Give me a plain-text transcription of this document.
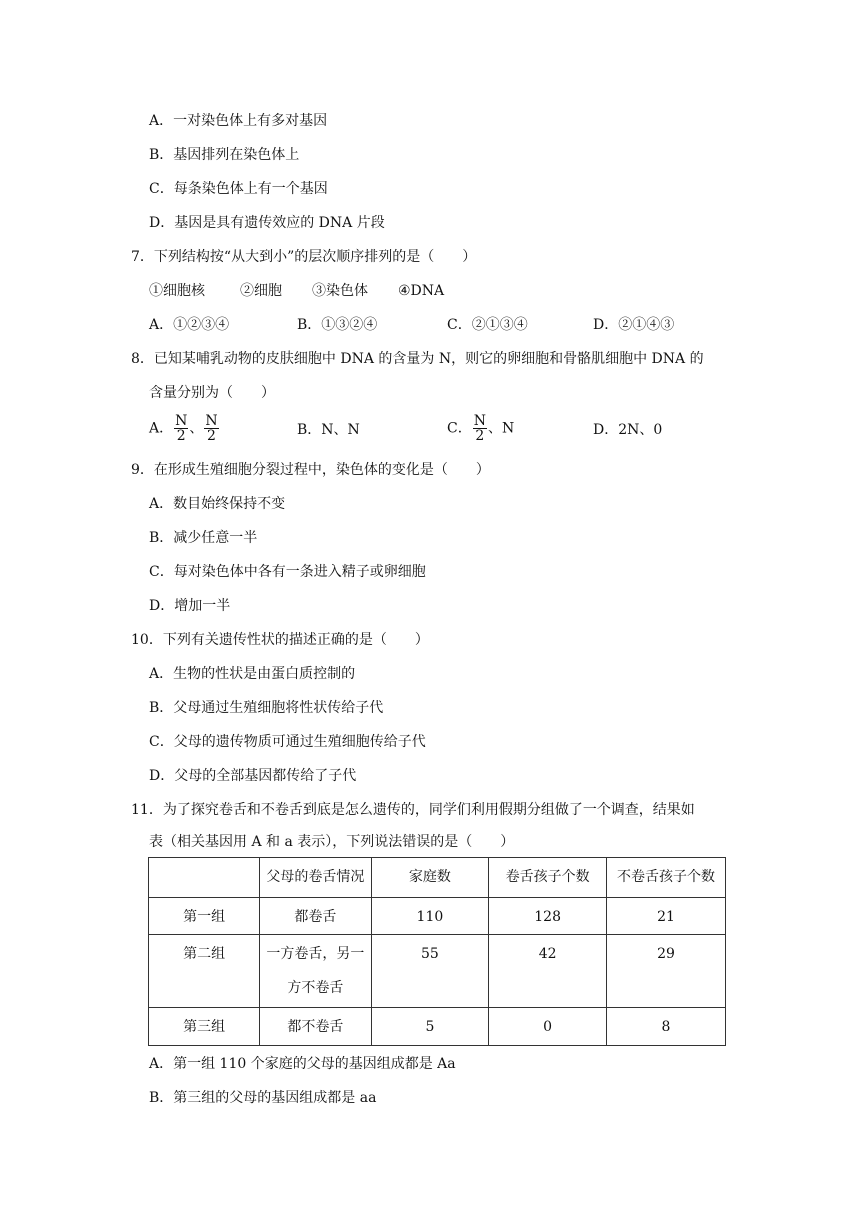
A．一对染色体上有多对基因
B．基因排列在染色体上
C．每条染色体上有一个基因
D．基因是具有遗传效应的 DNA 片段
7．下列结构按“从大到小”的层次顺序排列的是（　　）
①细胞核	②细胞 ③染色体 ④DNA
A．①②③④	B．①③②④	C．②①③④	D．②①④③
8．已知某哺乳动物的皮肤细胞中 DNA 的含量为 N，则它的卵细胞和骨骼肌细胞中 DNA 的
含量分别为（　　）
A． $\frac{N}{2}$ 、 $\frac{N}{2}$	B．N、N	C． $\frac{N}{2}$ 、N	D．2N、0
9．在形成生殖细胞分裂过程中，染色体的变化是（　　）
A．数目始终保持不变
B．减少任意一半
C．每对染色体中各有一条进入精子或卵细胞
D．增加一半
10．下列有关遗传性状的描述正确的是（　　）
A．生物的性状是由蛋白质控制的
B．父母通过生殖细胞将性状传给子代
C．父母的遗传物质可通过生殖细胞传给子代
D．父母的全部基因都传给了子代
11．为了探究卷舌和不卷舌到底是怎么遗传的，同学们利用假期分组做了一个调查，结果如
表（相关基因用 A 和 a 表示），下列说法错误的是（　　）
	父母的卷舌情况	家庭数	卷舌孩子个数	不卷舌孩子个数
第一组	都卷舌	110	128	21
第二组	一方卷舌，另一
方不卷舌	55	42	29
第三组	都不卷舌	5	0	8
A．第一组 110 个家庭的父母的基因组成都是 Aa
B．第三组的父母的基因组成都是 aa
